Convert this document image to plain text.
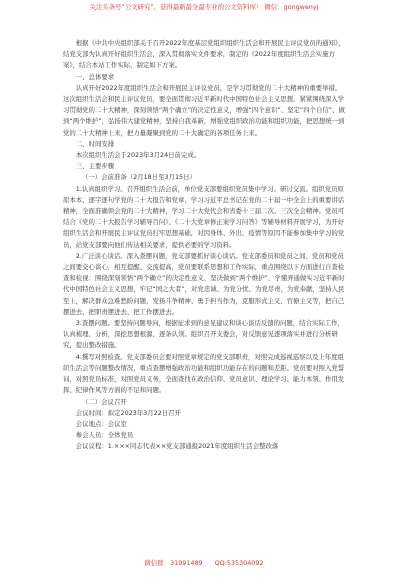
关注头条号“公文研究”，获得最新最全最专业的公文资料库！ 微信：gongwenyj

根据《中共中央组织部关于召开2022年度基层党组织组织生活会和开展民主评议党员的通知》，结党支部为认真开好组织生活会，深入贯彻落实文件要求，制定的《2022年度组织生活会实施方案》，结合本站工作实际，制定如下方案。

一、总体要求

认真开好2022年度组织生活会和开展民主评议党员，是学习贯彻党的二十大精神的重要举措。这次组织生活会和民主评议党员，要全面贯彻习近平新时代中国特色社会主义思想，紧紧围绕深入学习贯彻党的二十大精神，深刻领悟“两个确立”的决定性意义，增强“四个意识”、坚定“四个自信”、做到“两个维护”，弘扬伟大建党精神，坚持自我革新，增强党组织政治功能和组织功能，把思想统一到党的二十大精神上来，把力量凝聚到党的二十大确定的各项任务上来。

二、时间安排

本次组织生活会于2023年3月24日前完成。

三、主要步骤

（一）会前准备（2月18日至3月15日）

1.认真组织学习。召开组织生活会前，单位党支部要组织党员集中学习、研讨交流。组织党员原原本本、逐字逐句学党的二十大报告和党章，学习习近平总书记在党的二十届一中全会上的重要讲话精神，全面准确领会党的二十大精神，学习二十大党代会和省委十三届二次、三次全会精神。党员可结合《党的二十大报告学习辅导百问》、《二十大党章修正案学习问答》等辅导材料开展学习，为开好组织生活会和开展民主评议党员打牢思想基础，对因身体、外出、疫情等原因不能参加集中学习的党员，站党支部要向他们传达相关要求，提供必要的学习资料。

2.广泛谈心谈话。深入查摆问题，党支部要抓好谈心谈话。党支部委员和党员之间、党员和党员之间要交心谈心，相互提醒、交流提高，党员要联系思想和工作实际，重点围绕以下方面进行自查检查和检视：围绕深刻领悟“两个确立”的决定性意义，坚决做到“两个维护”，学懂弄通做实习近平新时代中国特色社会主义思想，牢记“国之大者”，对党忠诚、为党分忧、为党尽责、为党奉献，坚持人民至上，解决群众急难愁盼问题，发扬斗争精神、勇于担当作为，克服形式主义、官僚主义等，把自己摆进去、把职责摆进去、把工作摆进去。

3.查摆问题。要坚持问题导向，根据征求到的意见建议和谈心谈话反馈的问题，结合实际工作，认真梳理、分析，深挖思想根源，逐条认领。组织召开支委会，对反馈意见逐项落实并进行分析研究，提出整改措施。

4.撰写对照检查。党支部委员会要对照党章规定的党支部职责，对照完成巡视巡察以及上年度组织生活会等问题整改情况，重点查摆增强政治功能和组织功能存在的问题和差距。党员要对照入党誓词，对照党员标准，对照党员义务，全面查找在政治信仰、党员意识、理论学习、能力本领、作用发挥、纪律作风等方面的不足和问题。

（二）会议召开

会议时间：拟定2023年3月22日召开

会议地点：会议室

参会人员：全体党员

会议议程：1.×××同志代表××党支部通报2021年度组织生活会整改落

微信群：31991489 QQ:535304092
